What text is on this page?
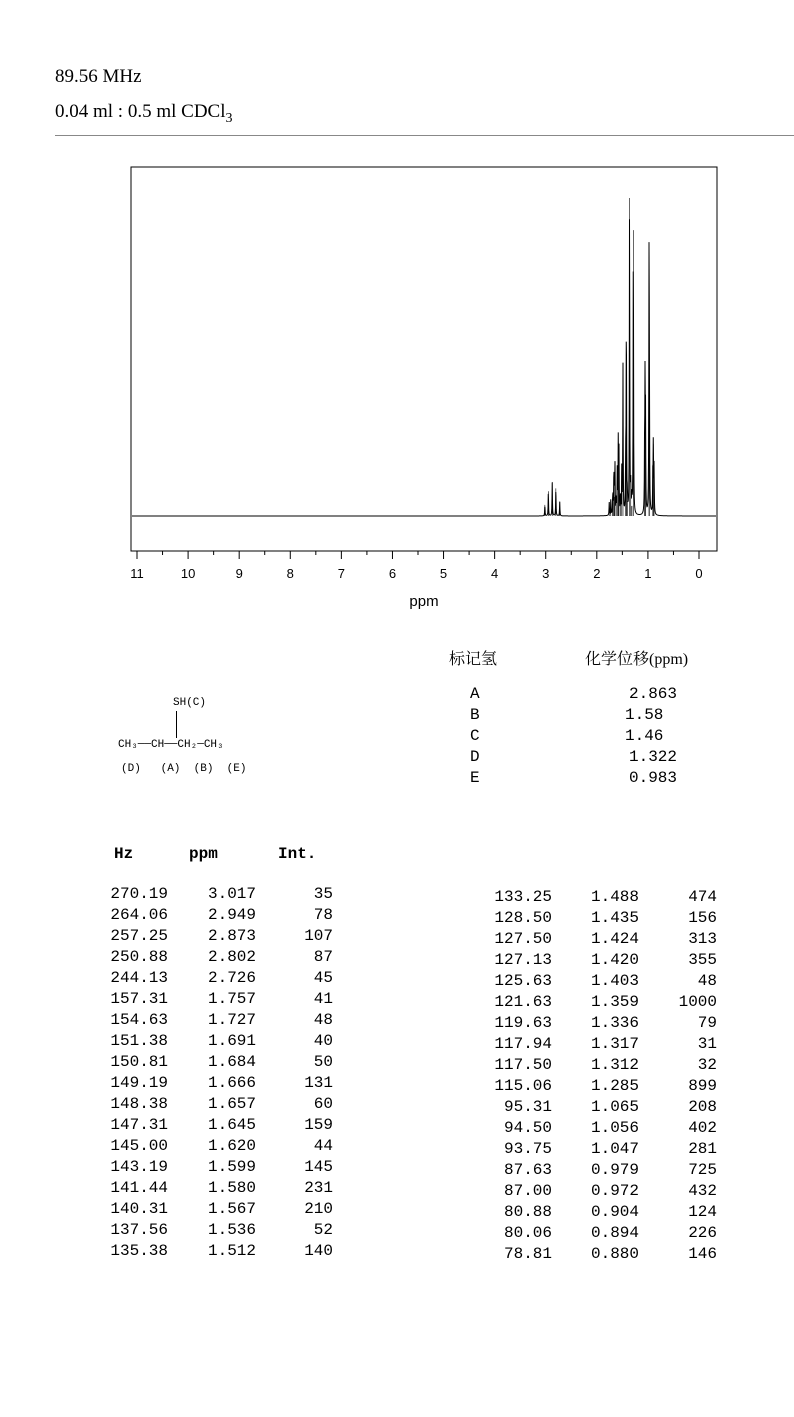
89.56 MHz
0.04 ml : 0.5 ml CDCl$_3$
11	10	9	8	7	6	5	4	3	2	1	0
ppm
SH(C)
CH₃──CH──CH₂─CH₃
(D)   (A)  (B)  (E)
标记氢	化学位移(ppm)
A	2.863
B	1.58
C	1.46
D	1.322
E	0.983
Hz	ppm	Int.
270.19	3.017	35
264.06	2.949	78
257.25	2.873	107
250.88	2.802	87
244.13	2.726	45
157.31	1.757	41
154.63	1.727	48
151.38	1.691	40
150.81	1.684	50
149.19	1.666	131
148.38	1.657	60
147.31	1.645	159
145.00	1.620	44
143.19	1.599	145
141.44	1.580	231
140.31	1.567	210
137.56	1.536	52
135.38	1.512	140
133.25	1.488	474
128.50	1.435	156
127.50	1.424	313
127.13	1.420	355
125.63	1.403	48
121.63	1.359	1000
119.63	1.336	79
117.94	1.317	31
117.50	1.312	32
115.06	1.285	899
95.31	1.065	208
94.50	1.056	402
93.75	1.047	281
87.63	0.979	725
87.00	0.972	432
80.88	0.904	124
80.06	0.894	226
78.81	0.880	146
